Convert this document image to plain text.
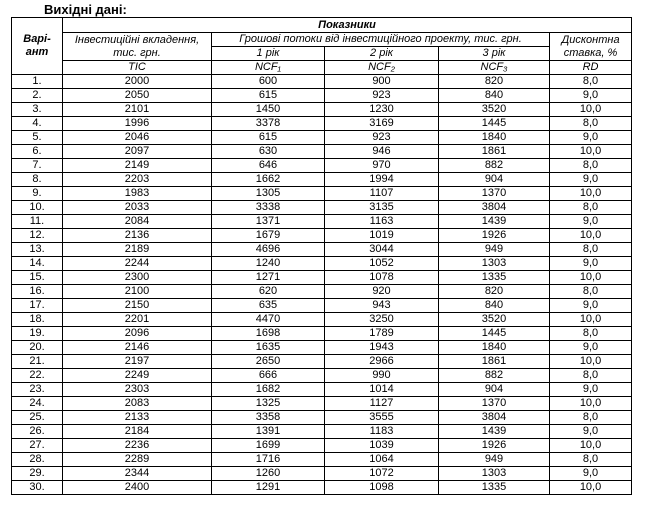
Вихідні дані:
Варі-
ант	Показники				
	Інвестиційні вкладення, тис. грн.	Грошові потоки від інвестиційного проекту, тис. грн.			Дисконтна ставка, %
		1 рік	2 рік	3 рік	
	TIC	NCF₁	NCF₂	NCF₃	RD
1.	2000	600	900	820	8,0
2.	2050	615	923	840	9,0
3.	2101	1450	1230	3520	10,0
4.	1996	3378	3169	1445	8,0
5.	2046	615	923	1840	9,0
6.	2097	630	946	1861	10,0
7.	2149	646	970	882	8,0
8.	2203	1662	1994	904	9,0
9.	1983	1305	1107	1370	10,0
10.	2033	3338	3135	3804	8,0
11.	2084	1371	1163	1439	9,0
12.	2136	1679	1019	1926	10,0
13.	2189	4696	3044	949	8,0
14.	2244	1240	1052	1303	9,0
15.	2300	1271	1078	1335	10,0
16.	2100	620	920	820	8,0
17.	2150	635	943	840	9,0
18.	2201	4470	3250	3520	10,0
19.	2096	1698	1789	1445	8,0
20.	2146	1635	1943	1840	9,0
21.	2197	2650	2966	1861	10,0
22.	2249	666	990	882	8,0
23.	2303	1682	1014	904	9,0
24.	2083	1325	1127	1370	10,0
25.	2133	3358	3555	3804	8,0
26.	2184	1391	1183	1439	9,0
27.	2236	1699	1039	1926	10,0
28.	2289	1716	1064	949	8,0
29.	2344	1260	1072	1303	9,0
30.	2400	1291	1098	1335	10,0
